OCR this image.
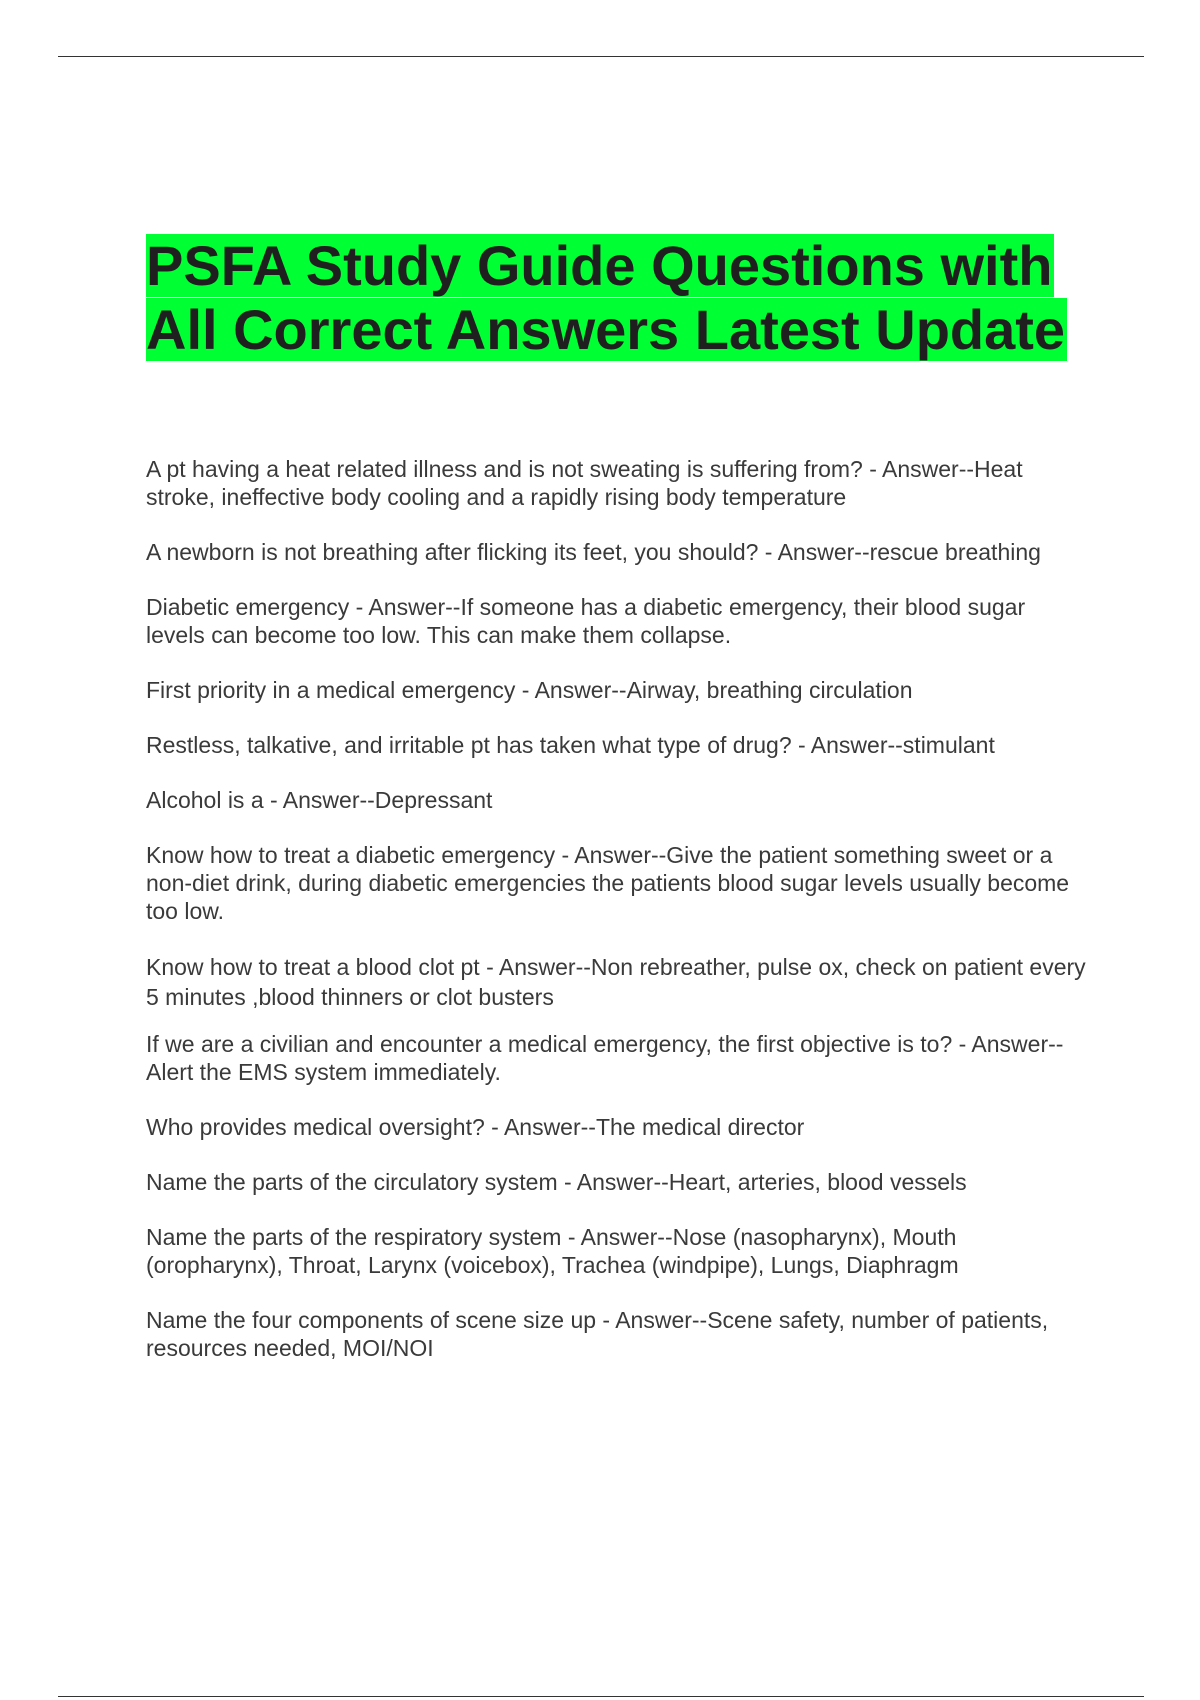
PSFA Study Guide Questions with
All Correct Answers Latest Update
A pt having a heat related illness and is not sweating is suffering from? - Answer--Heat stroke, ineffective body cooling and a rapidly rising body temperature
A newborn is not breathing after flicking its feet, you should? - Answer--rescue breathing
Diabetic emergency - Answer--If someone has a diabetic emergency, their blood sugar levels can become too low. This can make them collapse.
First priority in a medical emergency - Answer--Airway, breathing circulation
Restless, talkative, and irritable pt has taken what type of drug? - Answer--stimulant
Alcohol is a - Answer--Depressant
Know how to treat a diabetic emergency - Answer--Give the patient something sweet or a non-diet drink, during diabetic emergencies the patients blood sugar levels usually become too low.
Know how to treat a blood clot pt - Answer--Non rebreather, pulse ox, check on patient every 5 minutes ,blood thinners or clot busters
If we are a civilian and encounter a medical emergency, the first objective is to? - Answer--Alert the EMS system immediately.
Who provides medical oversight? - Answer--The medical director
Name the parts of the circulatory system - Answer--Heart, arteries, blood vessels
Name the parts of the respiratory system - Answer--Nose (nasopharynx), Mouth (oropharynx), Throat, Larynx (voicebox), Trachea (windpipe), Lungs, Diaphragm
Name the four components of scene size up - Answer--Scene safety, number of patients, resources needed, MOI/NOI
